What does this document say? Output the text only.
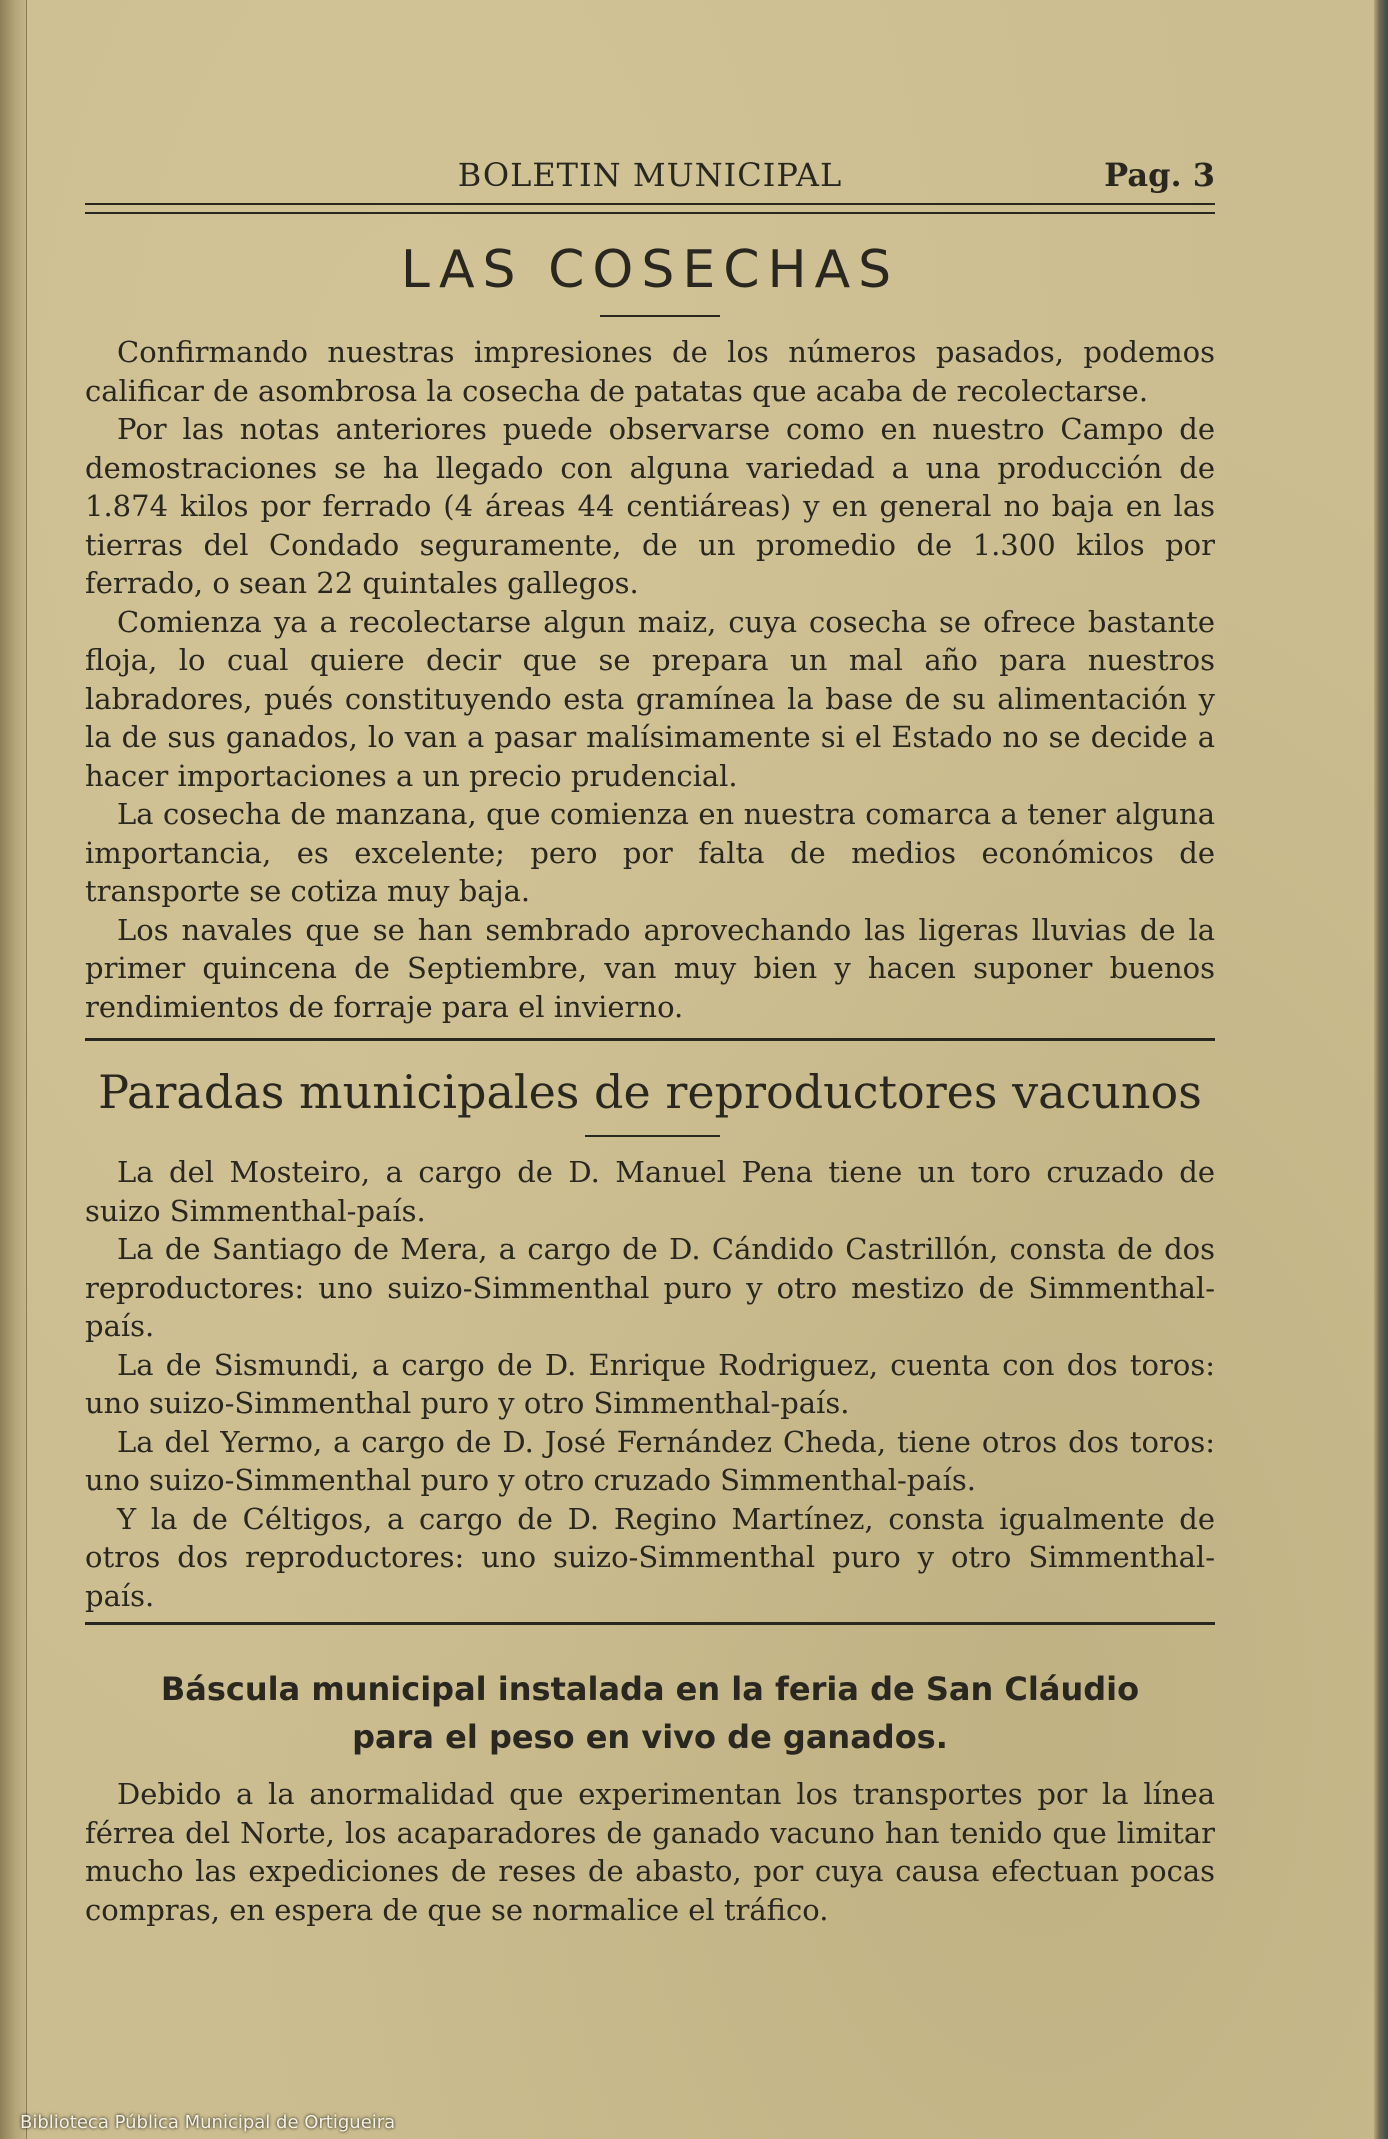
BOLETIN MUNICIPAL	Pag. 3
LAS COSECHAS

Confirmando nuestras impresiones de los números pasados, podemos calificar de asombrosa la cosecha de patatas que acaba de recolectarse.

Por las notas anteriores puede observarse como en nuestro Campo de demostraciones se ha llegado con alguna variedad a una producción de 1.874 kilos por ferrado (4 áreas 44 centiáreas) y en general no baja en las tierras del Condado seguramente, de un promedio de 1.300 kilos por ferrado, o sean 22 quintales gallegos.

Comienza ya a recolectarse algun maiz, cuya cosecha se ofrece bastante floja, lo cual quiere decir que se prepara un mal año para nuestros labradores, pués constituyendo esta gramínea la base de su alimentación y la de sus ganados, lo van a pasar malísimamente si el Estado no se decide a hacer importaciones a un precio prudencial.

La cosecha de manzana, que comienza en nuestra comarca a tener alguna importancia, es excelente; pero por falta de medios económicos de transporte se cotiza muy baja.

Los navales que se han sembrado aprovechando las ligeras lluvias de la primer quincena de Septiembre, van muy bien y hacen suponer buenos rendimientos de forraje para el invierno.

Paradas municipales de reproductores vacunos

La del Mosteiro, a cargo de D. Manuel Pena tiene un toro cruzado de suizo Simmenthal-país.

La de Santiago de Mera, a cargo de D. Cándido Castrillón, consta de dos reproductores: uno suizo-Simmenthal puro y otro mestizo de Simmenthal-país.

La de Sismundi, a cargo de D. Enrique Rodriguez, cuenta con dos toros: uno suizo-Simmenthal puro y otro Simmenthal-país.

La del Yermo, a cargo de D. José Fernández Cheda, tiene otros dos toros: uno suizo-Simmenthal puro y otro cruzado Simmenthal-país.

Y la de Céltigos, a cargo de D. Regino Martínez, consta igualmente de otros dos reproductores: uno suizo-Simmenthal puro y otro Simmenthal-país.

Báscula municipal instalada en la feria de San Cláudio
para el peso en vivo de ganados.

Debido a la anormalidad que experimentan los transportes por la línea férrea del Norte, los acaparadores de ganado vacuno han tenido que limitar mucho las expediciones de reses de abasto, por cuya causa efectuan pocas compras, en espera de que se normalice el tráfico.

Biblioteca Pública Municipal de Ortigueira
